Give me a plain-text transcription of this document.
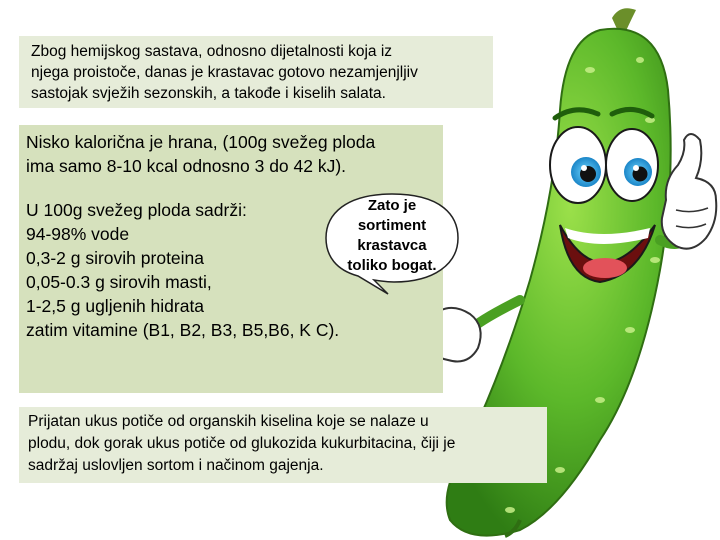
Zbog hemijskog sastava, odnosno dijetalnosti koja iz
njega proistoče, danas je krastavac gotovo nezamjenjljiv
sastojak svježih sezonskih, a takođe i kiselih salata.
Nisko kalorična je hrana, (100g svežeg ploda
ima samo 8-10 kcal odnosno 3 do 42 kJ).
U 100g svežeg ploda sadrži:
94-98% vode
0,3-2 g sirovih proteina
0,05-0.3 g sirovih masti,
1-2,5 g ugljenih hidrata
zatim vitamine (B1, B2, B3, B5,B6, K C).
Zato je
sortiment
krastavca
toliko bogat.
Prijatan ukus potiče od organskih kiselina koje se nalaze u
plodu, dok gorak ukus potiče od glukozida kukurbitacina, čiji je
sadržaj uslovljen sortom i načinom gajenja.
